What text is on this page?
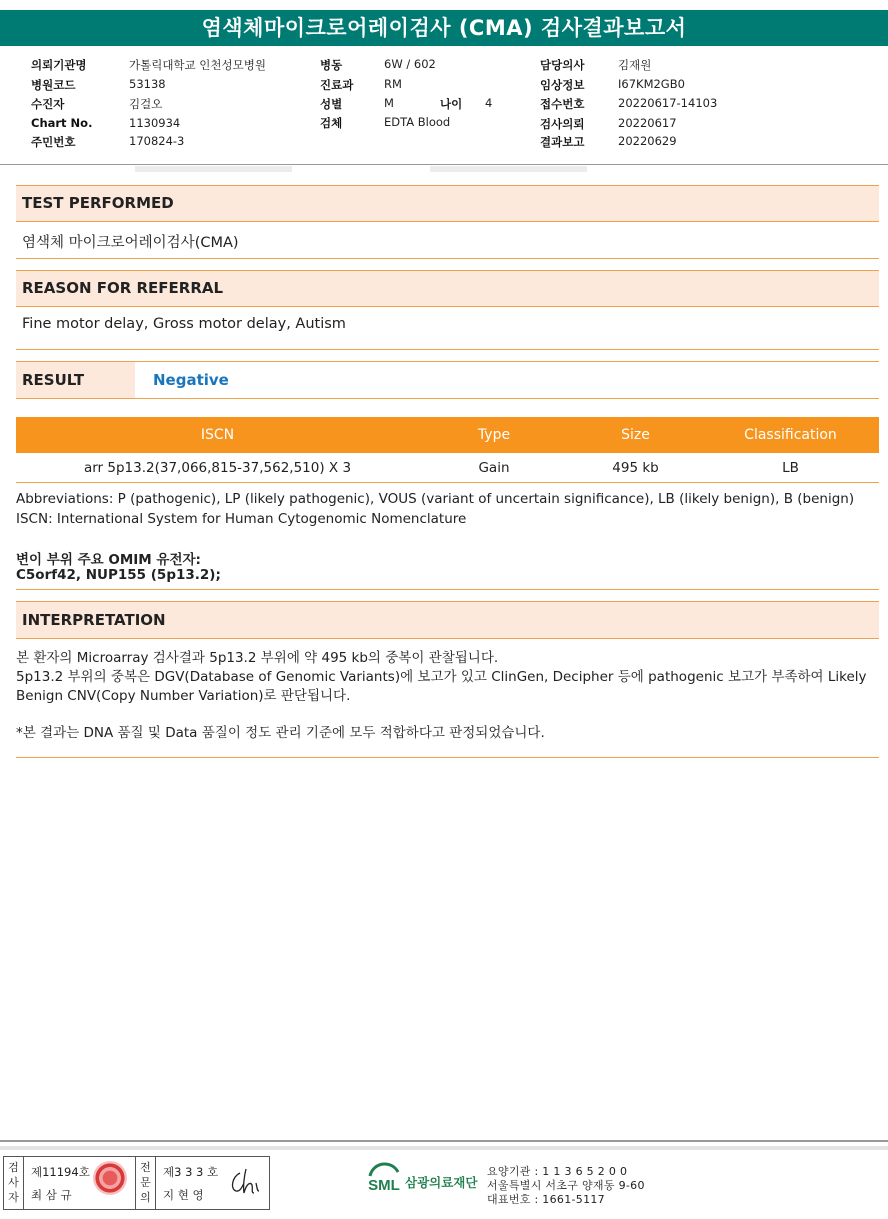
염색체마이크로어레이검사 (CMA) 검사결과보고서
의뢰기관명	가톨릭대학교 인천성모병원
병원코드	53138
수진자	김걸오
Chart No.	1130934
주민번호	170824-3
병동	6W / 602
진료과	RM
성별	M	나이 4
검체	EDTA Blood
담당의사	김재원
임상정보	I67KM2GB0
접수번호	20220617-14103
검사의뢰	20220617
결과보고	20220629
TEST PERFORMED
염색체 마이크로어레이검사(CMA)
REASON FOR REFERRAL
Fine motor delay, Gross motor delay, Autism
RESULT	Negative
ISCN	Type	Size	Classification
arr 5p13.2(37,066,815-37,562,510) X 3	Gain	495 kb	LB
Abbreviations: P (pathogenic), LP (likely pathogenic), VOUS (variant of uncertain significance), LB (likely benign), B (benign)
ISCN: International System for Human Cytogenomic Nomenclature
변이 부위 주요 OMIM 유전자:
C5orf42, NUP155 (5p13.2);
INTERPRETATION
본 환자의 Microarray 검사결과 5p13.2 부위에 약 495 kb의 중복이 관찰됩니다.
5p13.2 부위의 중복은 DGV(Database of Genomic Variants)에 보고가 있고 ClinGen, Decipher 등에 pathogenic 보고가 부족하여 Likely Benign CNV(Copy Number Variation)로 판단됩니다.
*본 결과는 DNA 품질 및 Data 품질이 정도 관리 기준에 모두 적합하다고 판정되었습니다.
검
사
자
제11194호
최 삼 규
전
문
의
제3 3 3 호
지 현 영
SML 삼광의료재단
요양기관 : 1 1 3 6 5 2 0 0
서울특별시 서초구 양재동 9-60
대표번호 : 1661-5117
